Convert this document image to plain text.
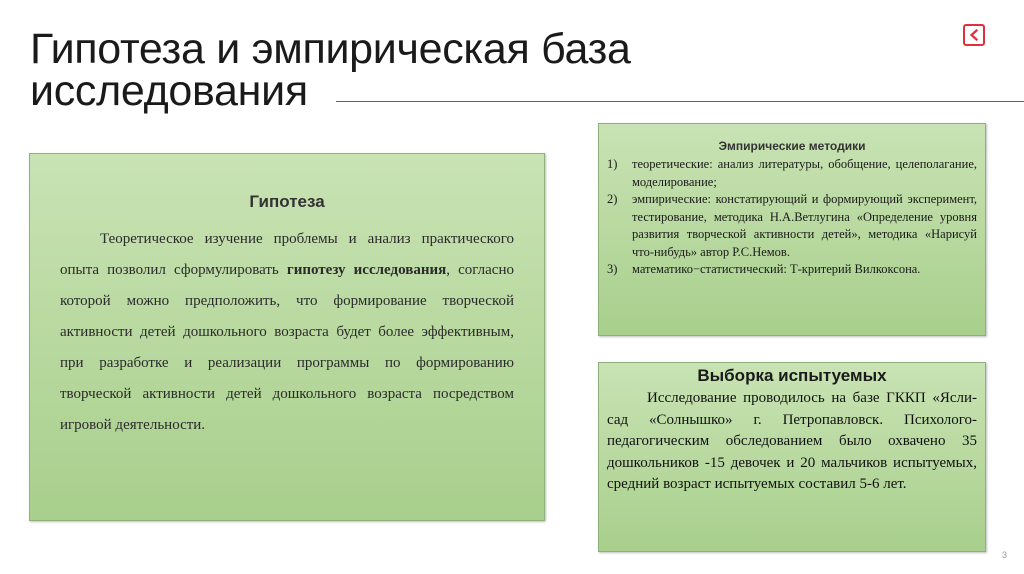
Гипотеза и эмпирическая база
исследования
Гипотеза

Теоретическое изучение проблемы и анализ практического опыта позволил сформулировать гипотезу исследования, согласно которой можно предположить, что формирование творческой активности детей дошкольного возраста будет более эффективным, при разработке и реализации программы по формированию творческой активности детей дошкольного возраста посредством игровой деятельности.

Эмпирические методики
1) теоретические: анализ литературы, обобщение, целеполагание, моделирование;
2) эмпирические: констатирующий и формирующий эксперимент, тестирование, методика Н.А.Ветлугина «Определение уровня развития творческой активности детей», методика «Нарисуй что-нибудь» автор Р.С.Немов.
3) математико−статистический: Т-критерий Вилкоксона.
Выборка испытуемых

Исследование проводилось на базе ГККП «Ясли-сад «Солнышко» г. Петропавловск. Психолого-педагогическим обследованием было охвачено 35 дошкольников -15 девочек и 20 мальчиков испытуемых, средний возраст испытуемых составил 5-6 лет.

3
